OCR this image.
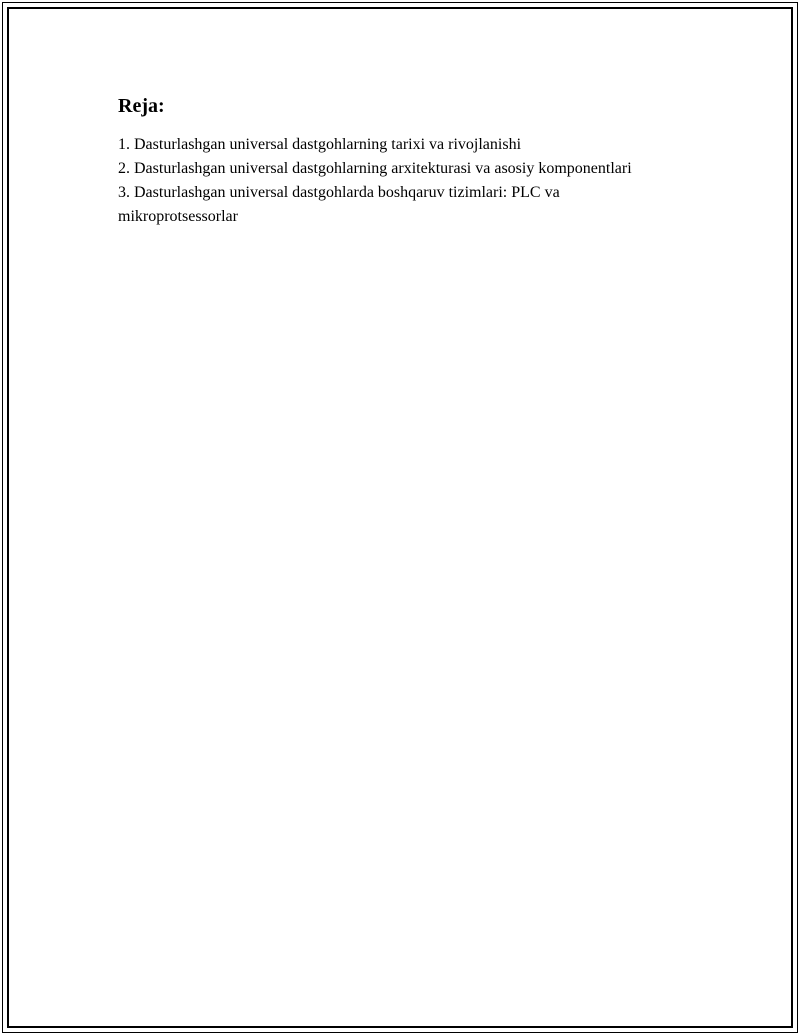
Reja:
1. Dasturlashgan universal dastgohlarning tarixi va rivojlanishi
2. Dasturlashgan universal dastgohlarning arxitekturasi va asosiy komponentlari
3. Dasturlashgan universal dastgohlarda boshqaruv tizimlari: PLC va mikroprotsessorlar
